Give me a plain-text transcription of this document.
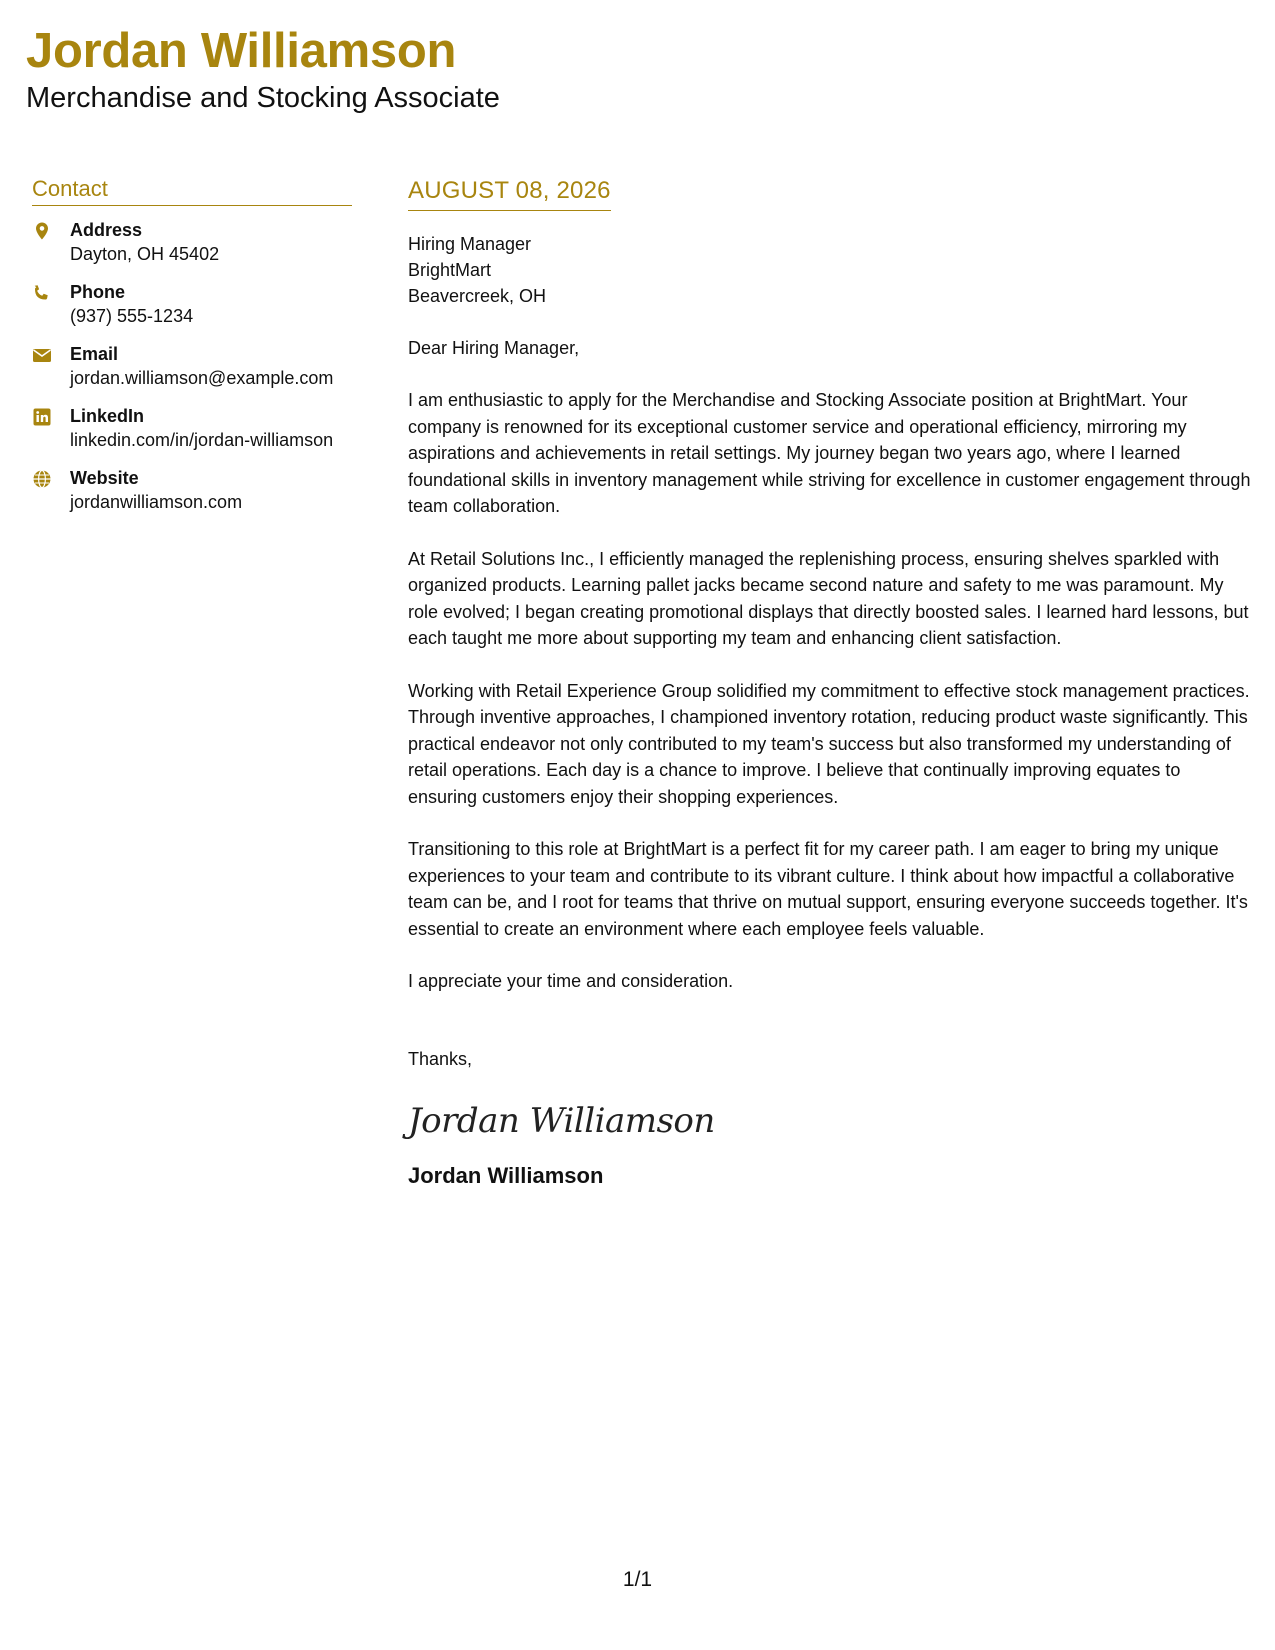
Jordan Williamson
Merchandise and Stocking Associate
Contact
Address
Dayton, OH 45402
Phone
(937) 555-1234
Email
jordan.williamson@example.com
LinkedIn
linkedin.com/in/jordan-williamson
Website
jordanwilliamson.com
AUGUST 08, 2026
Hiring Manager
BrightMart
Beavercreek, OH
Dear Hiring Manager,
I am enthusiastic to apply for the Merchandise and Stocking Associate position at BrightMart. Your company is renowned for its exceptional customer service and operational efficiency, mirroring my aspirations and achievements in retail settings. My journey began two years ago, where I learned foundational skills in inventory management while striving for excellence in customer engagement through team collaboration.
At Retail Solutions Inc., I efficiently managed the replenishing process, ensuring shelves sparkled with organized products. Learning pallet jacks became second nature and safety to me was paramount. My role evolved; I began creating promotional displays that directly boosted sales. I learned hard lessons, but each taught me more about supporting my team and enhancing client satisfaction.
Working with Retail Experience Group solidified my commitment to effective stock management practices. Through inventive approaches, I championed inventory rotation, reducing product waste significantly. This practical endeavor not only contributed to my team's success but also transformed my understanding of retail operations. Each day is a chance to improve. I believe that continually improving equates to ensuring customers enjoy their shopping experiences.
Transitioning to this role at BrightMart is a perfect fit for my career path. I am eager to bring my unique experiences to your team and contribute to its vibrant culture. I think about how impactful a collaborative team can be, and I root for teams that thrive on mutual support, ensuring everyone succeeds together. It's essential to create an environment where each employee feels valuable.
I appreciate your time and consideration.
Thanks,
Jordan Williamson
Jordan Williamson
1/1
